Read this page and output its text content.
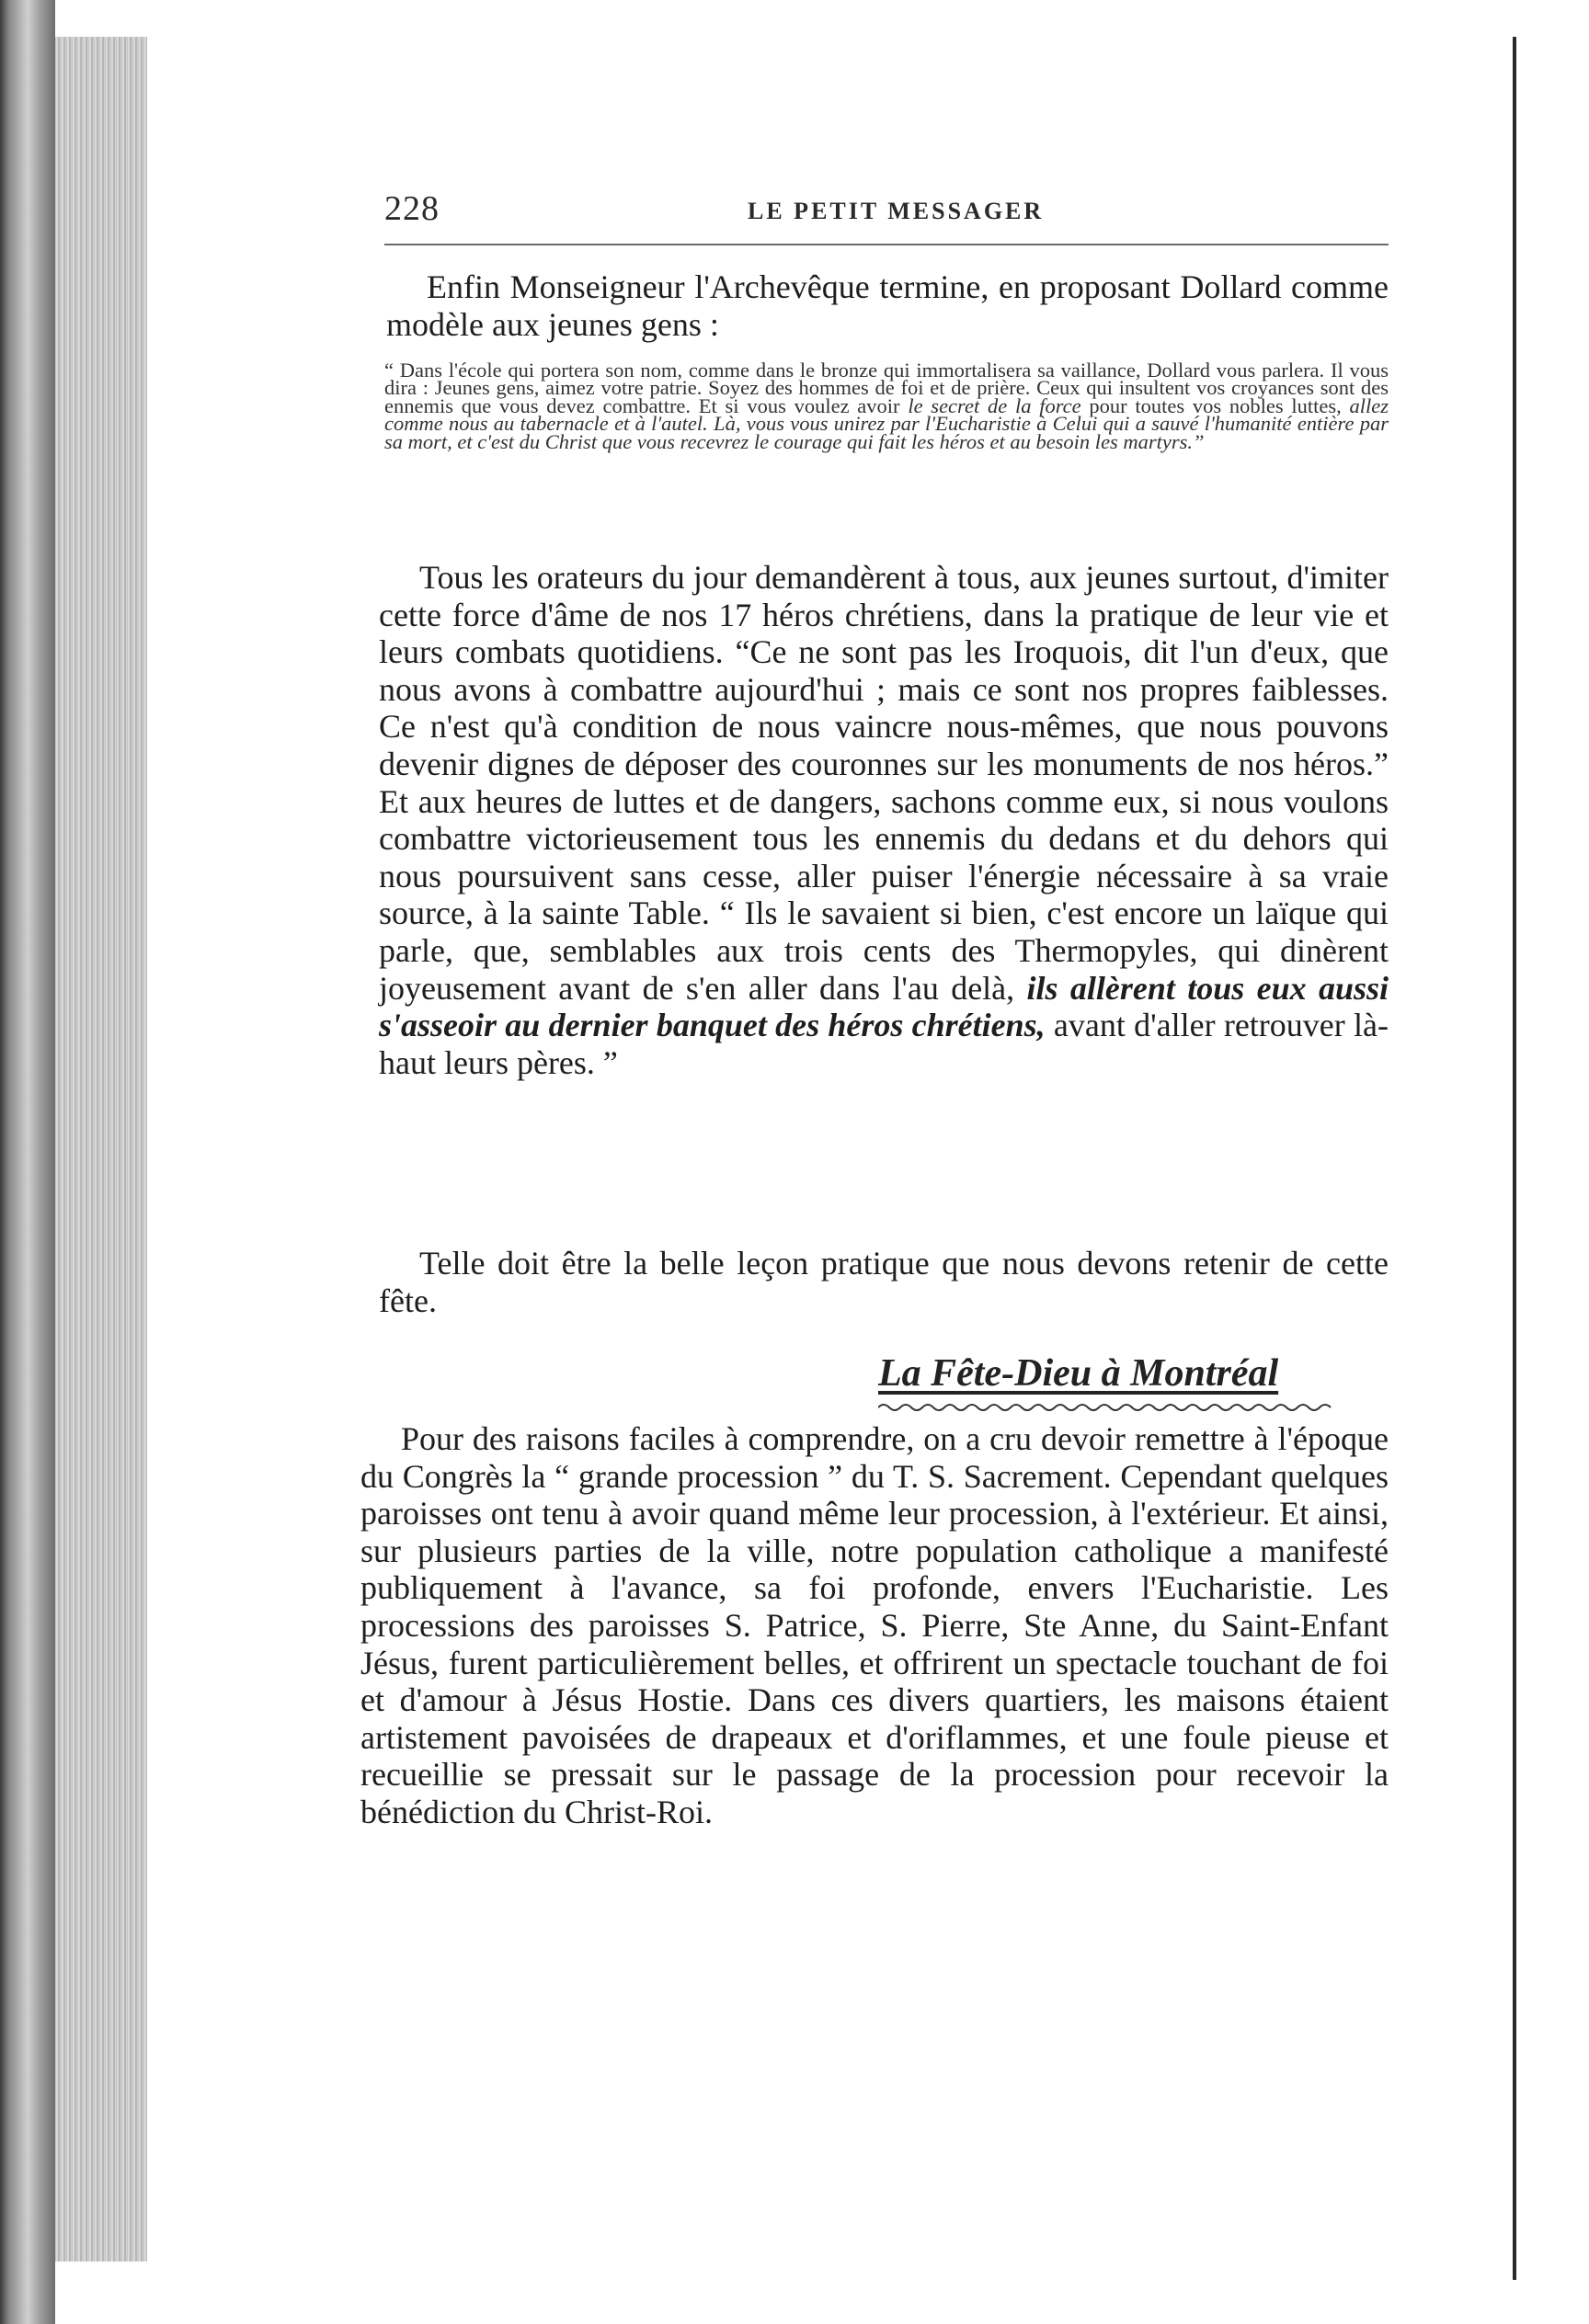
228	LE PETIT MESSAGER
Enfin Monseigneur l'Archevêque termine, en proposant Dollard comme modèle aux jeunes gens :
“ Dans l'école qui portera son nom, comme dans le bronze qui immortalisera sa vaillance, Dollard vous parlera. Il vous dira : Jeunes gens, aimez votre patrie. Soyez des hommes de foi et de prière. Ceux qui insultent vos croyances sont des ennemis que vous devez combattre. Et si vous voulez avoir le secret de la force pour toutes vos nobles luttes, allez comme nous au tabernacle et à l'autel. Là, vous vous unirez par l'Eucharistie à Celui qui a sauvé l'humanité entière par sa mort, et c'est du Christ que vous recevrez le courage qui fait les héros et au besoin les martyrs.”
Tous les orateurs du jour demandèrent à tous, aux jeunes surtout, d'imiter cette force d'âme de nos 17 héros chrétiens, dans la pratique de leur vie et leurs combats quotidiens. “Ce ne sont pas les Iroquois, dit l'un d'eux, que nous avons à combattre aujourd'hui ; mais ce sont nos propres faiblesses. Ce n'est qu'à condition de nous vaincre nous-mêmes, que nous pouvons devenir dignes de déposer des couronnes sur les monuments de nos héros.” Et aux heures de luttes et de dangers, sachons comme eux, si nous voulons combattre victorieusement tous les ennemis du dedans et du dehors qui nous poursuivent sans cesse, aller puiser l'énergie nécessaire à sa vraie source, à la sainte Table. “ Ils le savaient si bien, c'est encore un laïque qui parle, que, semblables aux trois cents des Thermopyles, qui dinèrent joyeusement avant de s'en aller dans l'au delà, ils allèrent tous eux aussi s'asseoir au dernier banquet des héros chrétiens, avant d'aller retrouver là-haut leurs pères. ”
Telle doit être la belle leçon pratique que nous devons retenir de cette fête.
La Fête-Dieu à Montréal
Pour des raisons faciles à comprendre, on a cru devoir remettre à l'époque du Congrès la “ grande procession ” du T. S. Sacrement. Cependant quelques paroisses ont tenu à avoir quand même leur procession, à l'extérieur. Et ainsi, sur plusieurs parties de la ville, notre population catholique a manifesté publiquement à l'avance, sa foi profonde, envers l'Eucharistie. Les processions des paroisses S. Patrice, S. Pierre, Ste Anne, du Saint-Enfant Jésus, furent particulièrement belles, et offrirent un spectacle touchant de foi et d'amour à Jésus Hostie. Dans ces divers quartiers, les maisons étaient artistement pavoisées de drapeaux et d'oriflammes, et une foule pieuse et recueillie se pressait sur le passage de la procession pour recevoir la bénédiction du Christ-Roi.
